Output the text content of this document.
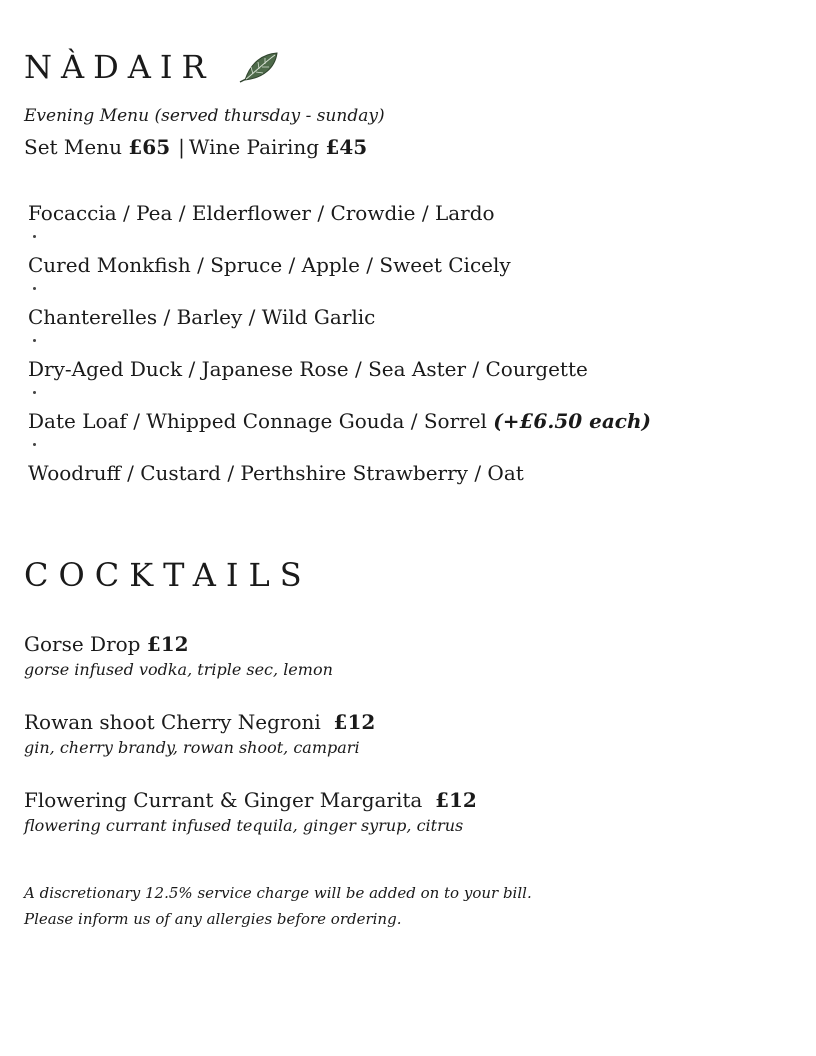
NÀDAIR

Evening Menu (served thursday - sunday)

Set Menu £65 | Wine Pairing £45

Focaccia / Pea / Elderflower / Crowdie / Lardo
Cured Monkfish / Spruce / Apple / Sweet Cicely
Chanterelles / Barley / Wild Garlic
Dry-Aged Duck / Japanese Rose / Sea Aster / Courgette
Date Loaf / Whipped Connage Gouda / Sorrel (+£6.50 each)
Woodruff / Custard / Perthshire Strawberry / Oat
COCKTAILS
Gorse Drop £12
gorse infused vodka, triple sec, lemon
Rowan shoot Cherry Negroni £12
gin, cherry brandy, rowan shoot, campari
Flowering Currant & Ginger Margarita £12
flowering currant infused tequila, ginger syrup, citrus
A discretionary 12.5% service charge will be added on to your bill.
Please inform us of any allergies before ordering.
